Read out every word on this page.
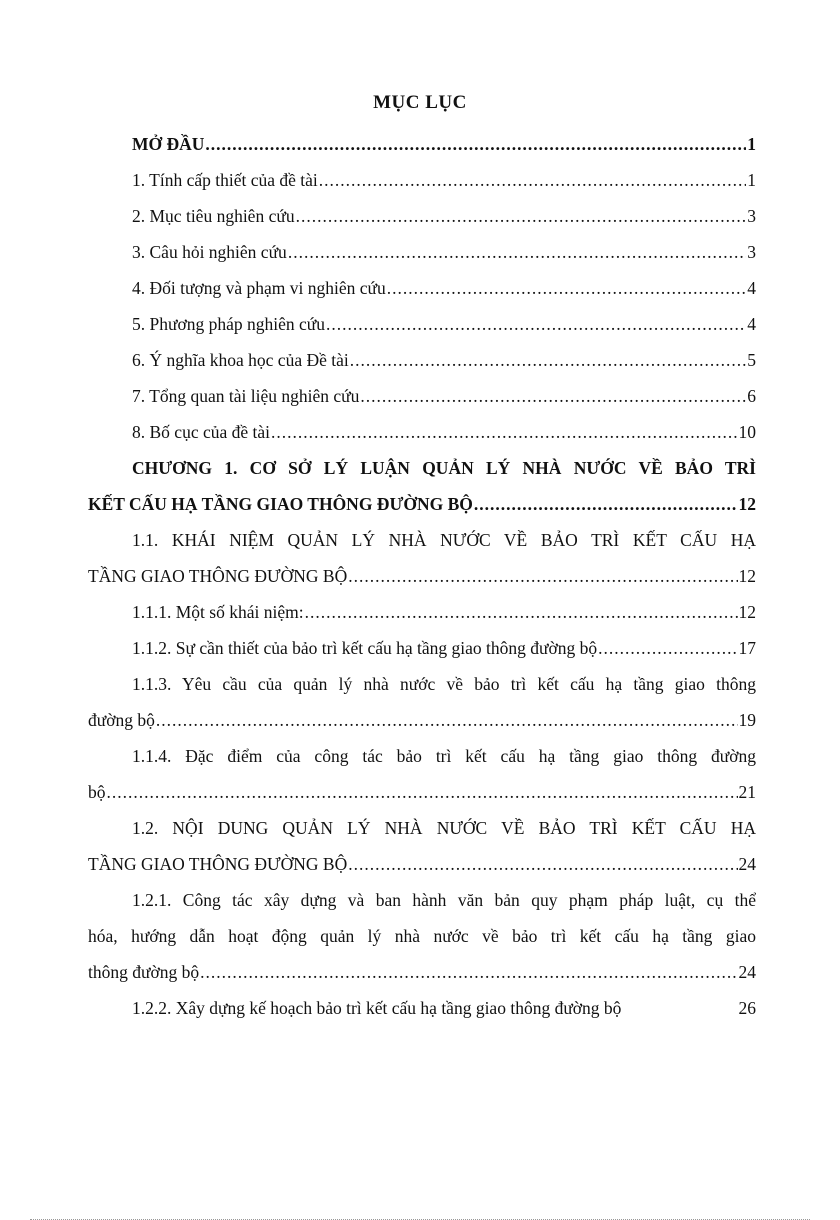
MỤC LỤC
MỞ ĐẦU .....	1
1. Tính cấp thiết của đề tài .....	1
2. Mục tiêu nghiên cứu .....	3
3. Câu hỏi nghiên cứu .....	3
4. Đối tượng và phạm vi nghiên cứu .....	4
5. Phương pháp nghiên cứu .....	4
6. Ý nghĩa khoa học của Đề tài .....	5
7. Tổng quan tài liệu nghiên cứu .....	6
8. Bố cục của đề tài .....	10
CHƯƠNG 1. CƠ SỞ LÝ LUẬN QUẢN LÝ NHÀ NƯỚC VỀ BẢO TRÌ
KẾT CẤU HẠ TẦNG GIAO THÔNG ĐƯỜNG BỘ .....	12
1.1. KHÁI NIỆM QUẢN LÝ NHÀ NƯỚC VỀ BẢO TRÌ KẾT CẤU HẠ
TẦNG GIAO THÔNG ĐƯỜNG BỘ .....	12
1.1.1. Một số khái niệm: .....	12
1.1.2. Sự cần thiết của bảo trì kết cấu hạ tầng giao thông đường bộ .....	17
1.1.3. Yêu cầu của quản lý nhà nước về bảo trì kết cấu hạ tầng giao thông
đường bộ .....	19
1.1.4. Đặc điểm của công tác bảo trì kết cấu hạ tầng giao thông đường
bộ .....	21
1.2. NỘI DUNG QUẢN LÝ NHÀ NƯỚC VỀ BẢO TRÌ KẾT CẤU HẠ
TẦNG GIAO THÔNG ĐƯỜNG BỘ .....	24
1.2.1. Công tác xây dựng và ban hành văn bản quy phạm pháp luật, cụ thể
hóa, hướng dẫn hoạt động quản lý nhà nước về bảo trì kết cấu hạ tầng giao
thông đường bộ .....	24
1.2.2. Xây dựng kế hoạch bảo trì kết cấu hạ tầng giao thông đường bộ	26
